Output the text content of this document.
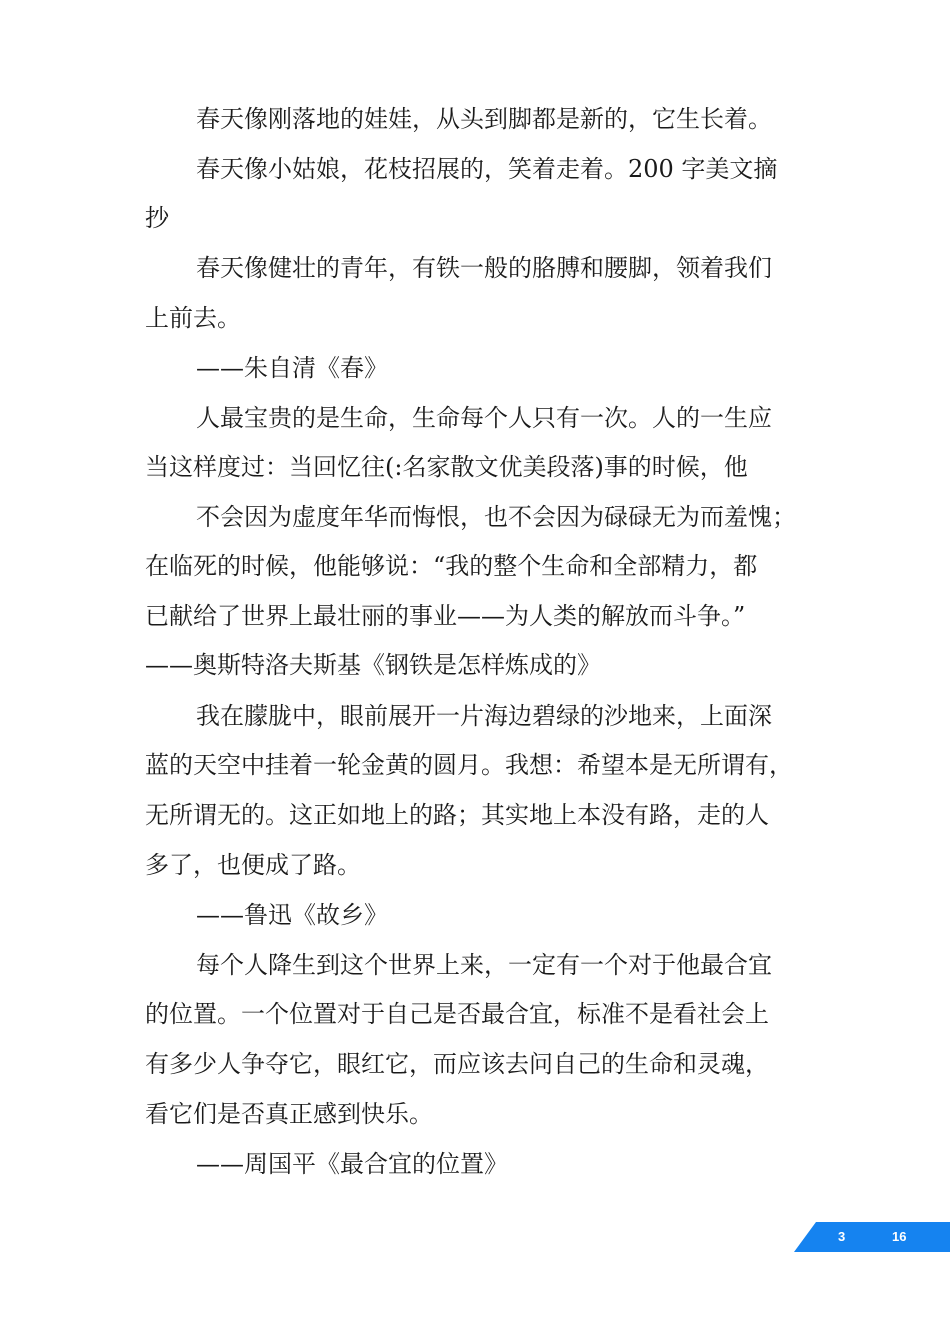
春天像刚落地的娃娃，从头到脚都是新的，它生长着。
春天像小姑娘，花枝招展的，笑着走着。200 字美文摘
抄
春天像健壮的青年，有铁一般的胳膊和腰脚，领着我们
上前去。
——朱自清《春》
人最宝贵的是生命，生命每个人只有一次。人的一生应
当这样度过：当回忆往(:名家散文优美段落)事的时候，他
不会因为虚度年华而悔恨，也不会因为碌碌无为而羞愧；
在临死的时候，他能够说：“我的整个生命和全部精力，都
已献给了世界上最壮丽的事业——为人类的解放而斗争。”
——奥斯特洛夫斯基《钢铁是怎样炼成的》
我在朦胧中，眼前展开一片海边碧绿的沙地来，上面深
蓝的天空中挂着一轮金黄的圆月。我想：希望本是无所谓有，
无所谓无的。这正如地上的路；其实地上本没有路，走的人
多了，也便成了路。
——鲁迅《故乡》
每个人降生到这个世界上来，一定有一个对于他最合宜
的位置。一个位置对于自己是否最合宜，标准不是看社会上
有多少人争夺它，眼红它，而应该去问自己的生命和灵魂，
看它们是否真正感到快乐。
——周国平《最合宜的位置》
3	16
